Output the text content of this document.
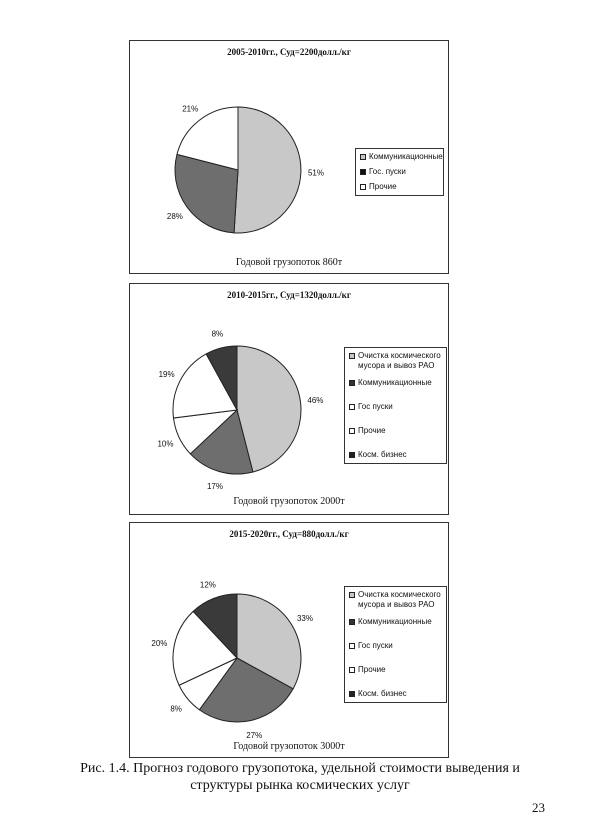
2005-2010гг., Суд=2200долл./кг
51%
28%
21%
Коммуникационные
Гос. пуски
Прочие
Годовой грузопоток 860т
2010-2015гг., Суд=1320долл./кг
46%
17%
10%
19%
8%
Очистка космического мусора и вывоз РАО
Коммуникационные
Гос пуски
Прочие
Косм. бизнес
Годовой грузопоток 2000т
2015-2020гг., Суд=880долл./кг
33%
27%
8%
20%
12%
Очистка космического мусора и вывоз РАО
Коммуникационные
Гос пуски
Прочие
Косм. бизнес
Годовой грузопоток 3000т
Рис. 1.4. Прогноз годового грузопотока, удельной стоимости выведения и
структуры рынка космических услуг
23
